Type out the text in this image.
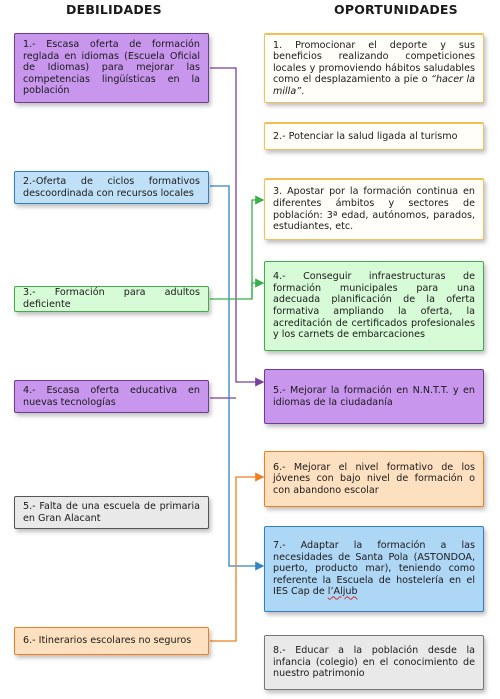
DEBILIDADES	OPORTUNIDADES
1.- Escasa oferta de formación reglada en idiomas (Escuela Oficial de Idiomas) para mejorar las competencias lingüísticas en la población
2.-Oferta de ciclos formativos descoordinada con recursos locales
3.- Formación para adultos deficiente
4.- Escasa oferta educativa en nuevas tecnologías
5.- Falta de una escuela de primaria en Gran Alacant
6.- Itinerarios escolares no seguros
1. Promocionar el deporte y sus beneficios realizando competiciones locales y promoviendo hábitos saludables como el desplazamiento a pie o “hacer la milla”.
2.- Potenciar la salud ligada al turismo
3. Apostar por la formación continua en diferentes ámbitos y sectores de población: 3ª edad, autónomos, parados, estudiantes, etc.
4.- Conseguir infraestructuras de formación municipales para una adecuada planificación de la oferta formativa ampliando la oferta, la acreditación de certificados profesionales y los carnets de embarcaciones
5.- Mejorar la formación en N.N.T.T. y en idiomas de la ciudadanía
6.- Mejorar el nivel formativo de los jóvenes con bajo nivel de formación o con abandono escolar
7.- Adaptar la formación a las necesidades de Santa Pola (ASTONDOA, puerto, producto mar), teniendo como referente la Escuela de hostelería en el IES Cap de l’Aljub
8.- Educar a la población desde la infancia (colegio) en el conocimiento de nuestro patrimonio
